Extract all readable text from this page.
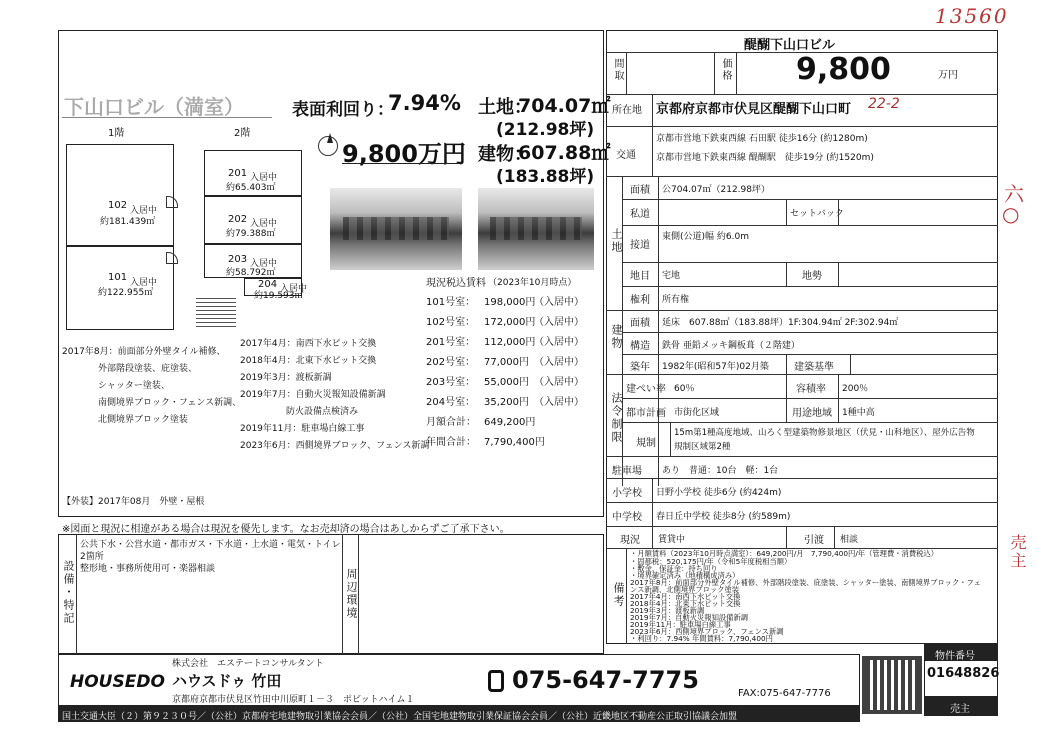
13560
下山口ビル（満室）	表面利回り：
7.94% 土地：
704.07㎡
(212.98坪)
9,800万円 建物：
607.88㎡
(183.88坪)
1階	2階
102 入居中
約181.439㎡
101 入居中
約122.955㎡
201 入居中
約65.403㎡
202 入居中
約79.388㎡
203 入居中
約58.792㎡
204 入居中
約19.593㎡
現況税込賃料 （2023年10月時点）
101号室： 198,000円
（入居中）
102号室： 172,000円
（入居中）
201号室： 112,000円
（入居中）
202号室： 77,000円 （入居中）
203号室： 55,000円 （入居中）
204号室： 35,200円 （入居中）
月額合計： 649,200円
年間合計： 7,790,400円
2017年8月：前面部分外壁タイル補修、
外部階段塗装、庇塗装、
シャッター塗装、
南側境界ブロック・フェンス新調、
北側境界ブロック塗装
2017年4月：南西下水ピット交換
2018年4月：北東下水ピット交換
2019年3月：渡板新調
2019年7月：自動火災報知設備新調
防火設備点検済み
2019年11月：駐車場白線工事
2023年6月：西側境界ブロック、フェンス新調
【外装】2017年08月　外壁・屋根
※図面と現況に相違がある場合は現況を優先します。なお売却済の場合はあしからずご了承下さい。
設備・特記
公共下水・公営水道・都市ガス・下水道・上水道・電気・トイレ
2箇所
整形地・事務所使用可・楽器相談	周辺環境
株式会社　エステートコンサルタント
HOUSEDO ハウスドゥ 竹田
京都府京都市伏見区竹田中川原町１－３　ポビットハイム１
075-647-7775	FAX:075-647-7776
国土交通大臣（２）第９２３０号／（公社）京都府宅地建物取引業協会会員／（公社）全国宅地建物取引業保証協会会員／（公社）近畿地区不動産公正取引協議会加盟
物件番号
01648826
売主
醍醐下山口ビル
間取	価格 9,800	万円
所在地 京都府京都市伏見区醍醐下山口町 22-2
交通
京都市営地下鉄東西線 石田駅 徒歩16分 (約1280m)
京都市営地下鉄東西線 醍醐駅　徒歩19分 (約1520m)
土地
面積 公704.07㎡（212.98坪）
私道	セットバック
接道
東側(公道)幅 約6.0m
地目 宅地	地勢
権利 所有権
建物
面積 延床　607.88㎡（183.88坪）1F:304.94㎡ 2F:302.94㎡
構造 鉄骨 亜鉛メッキ鋼板葺（２階建）
築年 1982年(昭和57年)02月築	建築基準
法令制限
建ぺい率 60％	容積率 200％
都市計画 市街化区域	用途地域 1種中高
規制
15m第1種高度地域、山ろく型建築物修景地区（伏見・山科地区）、屋外広告物
規制区域第2種
駐車場 あり　普通：10台　軽：1台
小学校 日野小学校 徒歩6分 (約424m)
中学校 春日丘中学校 徒歩8分 (約589m)
現況 賃貸中	引渡 相談
備考
・月額賃料（2023年10月時点満室）：649,200円/月　7,790,400円/年（管理費・消費税込）
・固都税：520,175円/年（令和5年度税相当額）
・敷金、保証金：持ち回り
・境界確定済み（地積構成済み）
2017年8月：前面部分外壁タイル補修、外部階段塗装、庇塗装、シャッター塗装、南側境界ブロック・フェ
ンス新調、北側境界ブロック塗装
2017年4月：南西下水ピット交換
2018年4月：北東下水ピット交換
2019年3月：渡板新調
2019年7月：自動火災報知設備新調
2019年11月：駐車場白線工事
2023年6月：西側境界ブロック、フェンス新調
・利回り：7.94% 年間賃料：7,790,400円
六
○
売主
